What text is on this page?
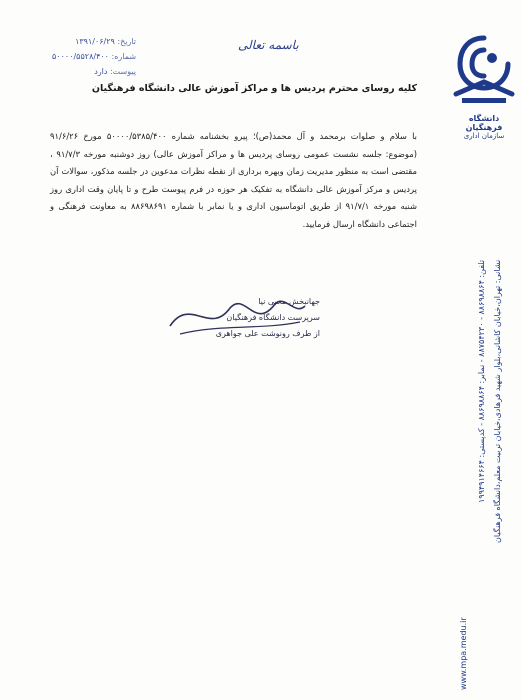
تاریخ: ۱۳۹۱/۰۶/۲۹
شماره: ۵۰۰۰۰/۵۵۲۸/۴۰۰
پیوست: دارد
باسمه تعالی
دانشگاه فرهنگیان
سازمان اداری
کلیه روسای محترم پردیس ها و مراکز آموزش عالی دانشگاه فرهنگیان

با سلام و صلوات برمحمد و آل محمد(ص)؛ پیرو بخشنامه شماره ۵۰۰۰۰/۵۳۸۵/۴۰۰ مورخ ۹۱/۶/۲۶ (موضوع: جلسه نشست عمومی روسای پردیس ها و مراکز آموزش عالی) روز دوشنبه مورخه ۹۱/۷/۳ ، مقتضی است به منظور مدیریت زمان وبهره برداری از نقطه نظرات مدعوین در جلسه مذکور، سوالات آن پردیس و مرکز آموزش عالی دانشگاه به تفکیک هر حوزه در فرم پیوست طرح و تا پایان وقت اداری روز شنبه مورخه ۹۱/۷/۱ از طریق اتوماسیون اداری و یا نمابر با شماره ۸۸۶۹۸۶۹۱ به معاونت فرهنگی و اجتماعی دانشگاه ارسال فرمایید.

جهانبخش محبی نیا
سرپرست دانشگاه فرهنگیان
از طرف رونوشت علی جواهری	نشانی: تهران،خیابان کاشانی،بلوار شهید فرهادی،خیابان تربیت معلم،دانشگاه فرهنگیان
تلفن: ۸۸۶۹۸۸۶۴ - ۸۸۷۵۴۲۳۰ - نمابر: ۸۸۶۹۸۸۶۴ - کدپستی: ۱۹۹۴۹۱۴۶۶۴
www.mpa.medu.ir
